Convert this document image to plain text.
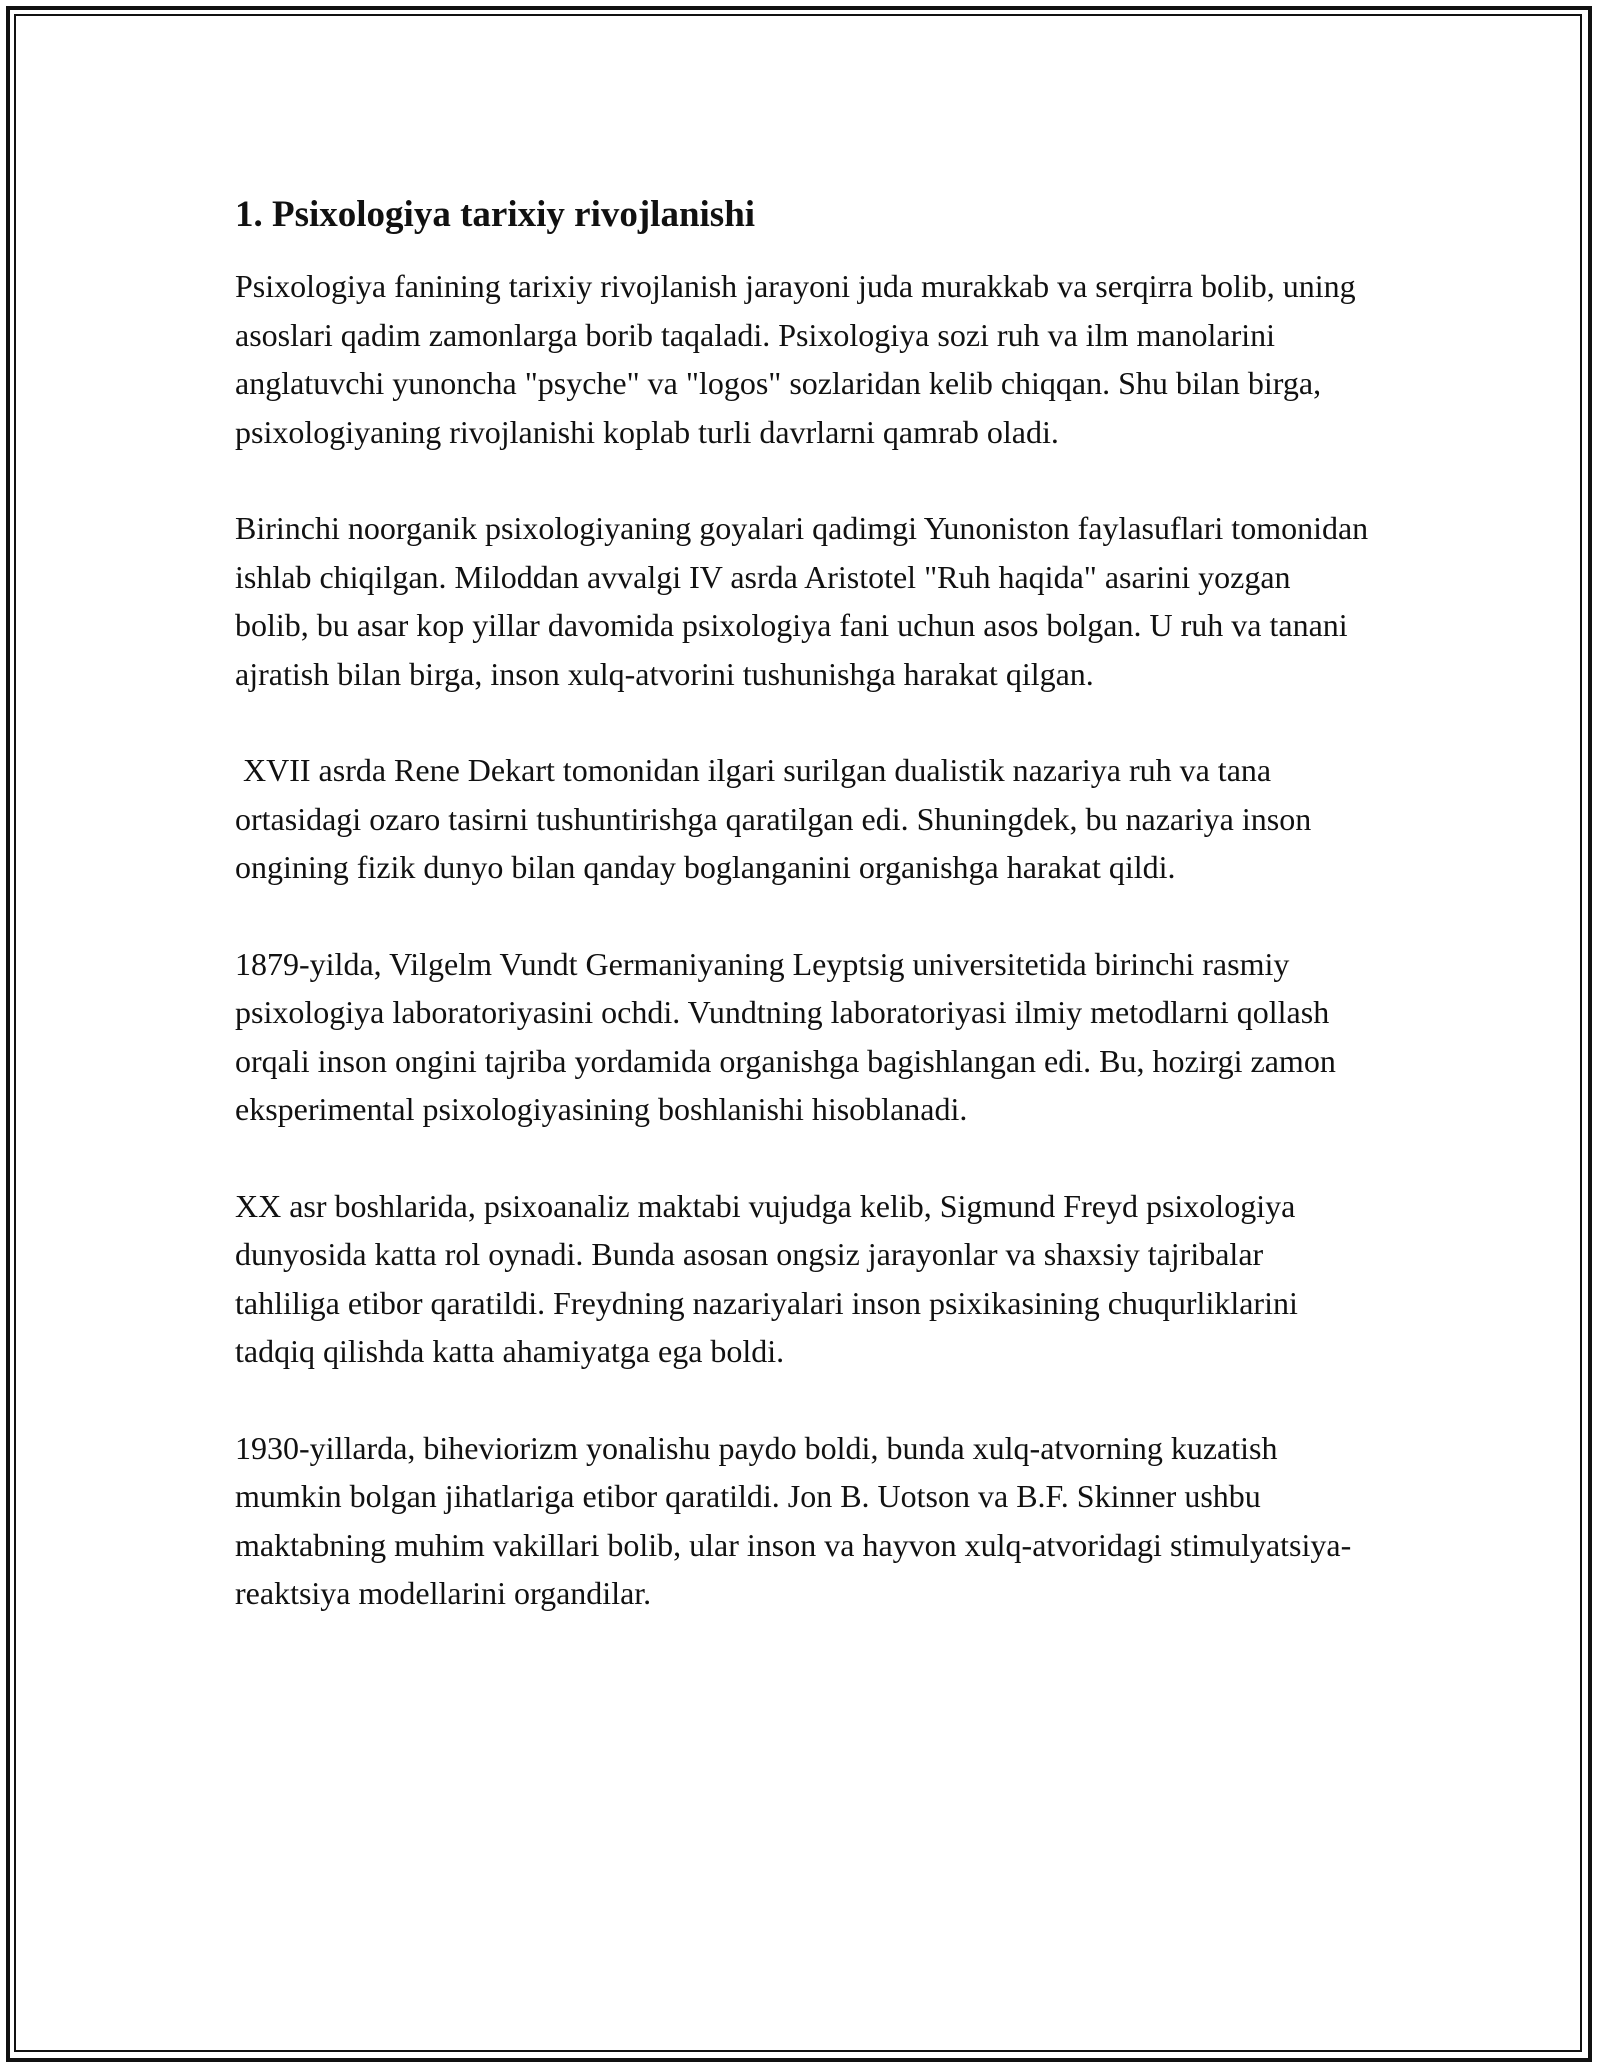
1. Psixologiya tarixiy rivojlanishi

Psixologiya fanining tarixiy rivojlanish jarayoni juda murakkab va serqirra bolib, uning asoslari qadim zamonlarga borib taqaladi. Psixologiya sozi ruh va ilm manolarini anglatuvchi yunoncha "psyche" va "logos" sozlaridan kelib chiqqan. Shu bilan birga, psixologiyaning rivojlanishi koplab turli davrlarni qamrab oladi.

Birinchi noorganik psixologiyaning goyalari qadimgi Yunoniston faylasuflari tomonidan ishlab chiqilgan. Miloddan avvalgi IV asrda Aristotel "Ruh haqida" asarini yozgan bolib, bu asar kop yillar davomida psixologiya fani uchun asos bolgan. U ruh va tanani ajratish bilan birga, inson xulq-atvorini tushunishga harakat qilgan.

XVII asrda Rene Dekart tomonidan ilgari surilgan dualistik nazariya ruh va tana ortasidagi ozaro tasirni tushuntirishga qaratilgan edi. Shuningdek, bu nazariya inson ongining fizik dunyo bilan qanday boglanganini organishga harakat qildi.

1879-yilda, Vilgelm Vundt Germaniyaning Leyptsig universitetida birinchi rasmiy psixologiya laboratoriyasini ochdi. Vundtning laboratoriyasi ilmiy metodlarni qollash orqali inson ongini tajriba yordamida organishga bagishlangan edi. Bu, hozirgi zamon eksperimental psixologiyasining boshlanishi hisoblanadi.

XX asr boshlarida, psixoanaliz maktabi vujudga kelib, Sigmund Freyd psixologiya dunyosida katta rol oynadi. Bunda asosan ongsiz jarayonlar va shaxsiy tajribalar tahliliga etibor qaratildi. Freydning nazariyalari inson psixikasining chuqurliklarini tadqiq qilishda katta ahamiyatga ega boldi.

1930-yillarda, biheviorizm yonalishu paydo boldi, bunda xulq-atvorning kuzatish mumkin bolgan jihatlariga etibor qaratildi. Jon B. Uotson va B.F. Skinner ushbu maktabning muhim vakillari bolib, ular inson va hayvon xulq-atvoridagi stimulyatsiya-reaktsiya modellarini organdilar.
